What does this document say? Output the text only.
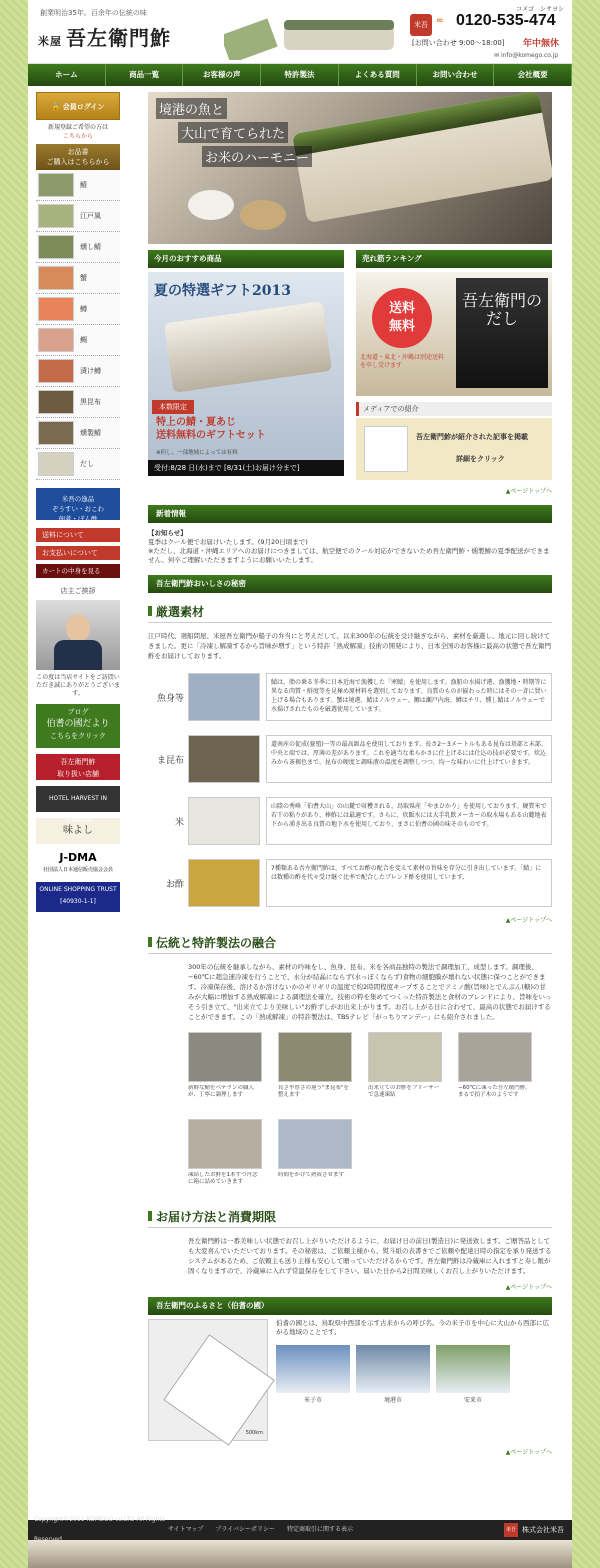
創業明治35年。百余年の伝統の味
米屋 吾左衛門鮓
米吾 ∞
コメゴ　シサヨシ
0120-535-474
[お問い合わせ 9:00〜18:00] 年中無休
✉ info@komego.co.jp
ホーム	商品一覧	お客様の声	特許製法	よくある質問	お問い合わせ	会社概要
🔒 会員ログイン
新規登録ご希望の方は
こちらから
お品書
ご購入はこちらから
鯖
江戸風
燻し鯖
蟹
鱒
鯛
漬け鱒
黒昆布
燻製鯖
だし
米吾の逸品
ぞうすい・おこわ
佃煮・ぽん酢
送料について
お支払いについて
カートの中身を見る
店主ご挨拶
この度は当店サイトをご訪問いただき誠にありがとうございます。
ブログ
伯耆の國だより
こちらをクリック
吾左衛門鮓
取り扱い店舗
HOTEL HARVEST IN
味よし
J-DMA
社団法人日本通信販売協会会員
ONLINE SHOPPING TRUST
[40930-1-1]
境港の魚と
大山で育てられた
お米のハーモニー
今月のおすすめ商品
夏の特選ギフト2013
本数限定
特上の鯖・夏あじ
送料無料のギフトセット
※但し、一部地域によっては有料
受付:8/28 日(水)まで [8/31(土)お届け分まで]
売れ筋ランキング
送料
無料
北海道・東北・沖縄は別途送料
を申し受けます
吾左衛門のだし
メディアでの紹介
吾左衛門鮓が紹介された記事を掲載
詳細をクリック
▲ページトップへ
新着情報
【お知らせ】
夏季はクール便でお届けいたします。(9月20日頃まで)
※ただし、北海道・沖縄エリアへのお届けにつきましては、航空便でのクール対応ができないため吾左衛門鮓・燻製鯖の夏季配送ができません。何卒ご理解いただきますようにお願いいたします。
吾左衛門鮓おいしさの秘密
厳選素材
江戸時代、廻船問屋、米屋吾左衛門が船子の弁当にと考えだして、以来300年の伝統を受け継ぎながら、素材を厳選し、地元に回し続けてきました。更に「冷凍し解凍するから旨味が増す」という特許「熟成解凍」技術の開発により、日本全国のお客様に最高の状態で吾左衛門鮓をお届けしております。
魚身等
鯖は、脂の乗る冬季に日本近海で漁獲した「寒鯖」を使用します。漁船の水揚げ港、漁獲地・時期等に異なる肉質・鮮度等を見極め原材料を選別しております。良質のものが揃わった時にはその一斉に買い上げる場合もあります。蟹は境港、鯖はノルウェー、鯛は瀬戸内海、鱒はチリ、燻し鯖はノルウェーで水揚げされたものを厳選使用しています。
ま昆布
道南産の促成(養殖)一等の最高級品を使用しております。長さ2〜3メートルもある昆布は基部と末部、中央と端では、厚薄の差があります。これを適当な柔らかさに仕上げるには仕込の技が必要です。炊込みから茶褐色まで、昆布の硬度と調味液の温度を調整しつつ、均一な味わいに仕上げていきます。
米
山陰の秀峰「伯耆大山」の山麓で収穫される、鳥取県産「やまひかり」を使用しております。硬質米で若干の粘りがあり、棒鮓には最適です。さらに、炊飯水には大手乳飲メーカーの取水場もある山麓地表下から湧き出る良質の地下水を使用しており、まさに伯耆の國の味そのものです。
お酢
7種類ある吾左衛門鮓は、すべてお酢の配合を変えて素材の旨味を存分に引き出しています。「鯖」には数種の酢を代々受け継ぐ比率で配合したブレンド酢を使用しています。
▲ページトップへ
伝統と特許製法の融合
300年の伝統を継承しながら、素材の吟味をし、魚身、昆布、米を各商品独特の製法で調理加工、成型します。調理後、−60℃に超急速冷凍を行うことで、水分が結晶にならず(水っぽくならず)食物の細胞膜が壊れない状態に保つことができます。冷凍保存後、溶けるか溶けないかのギリギリの温度で約2時間程度キープすることでアミノ酸(旨味)とでんぷん(糖)の甘みが大幅に増加する熟成解凍による調理法を確立。技術の粋を集めてつくった特許製法と食材のブレンドにより、旨味をいっそう引き立て、"出来立てより美味しい"お鮓ずしがお出来上がります。お召し上がる日に合わせて、最高の状態でお届けすることができます。この「熟成解凍」の特許製法は、TBSテレビ「がっちりマンデー」にも紹介されました。
新鮮な鯖をベテランの職人が、丁寧に調理します
長さや厚さの違う"ま昆布"を整えます
出来立てのお鮓をフリーザーで急速凍結
−60℃に凍った吾左衛門鮓。まるで拍子木のようです
凍結したお鮓を1本ずつ丹念に箱に詰めていきます
時間をかけて熟成させます
お届け方法と消費期限
吾左衛門鮓は一番美味しい状態でお召し上がりいただけるように、お届け日の前日(製造日)に発送致します。ご贈答品としても大変喜んでいただいております。その秘密は、ご依頼主様から、熨斗紙の表書きでご依頼や配達日時の指定を承り発送するシステムがあるため、ご依頼主も送り主様も安心して贈っていただけるからです。吾左衛門鮓は冷蔵庫に入れますと寿し飯が固くなりますので、冷蔵庫に入れず常温保存をして下さい。届いた日から2日間美味しくお召し上がりいただけます。
▲ページトップへ
吾左衛門のふるさと（伯耆の國）
500km
伯耆の國とは、鳥取県中西部を示す古来からの呼び名。今の米子市を中心に大山から西部に広がる地域のことです。
米子市	境港市	安来市
▲ページトップへ
Copyright©2011 KOMEGO co.LTD All Rights
サイトマップ プライバシーポリシー 特定商取引に関する表示	米吾 株式会社米吾
